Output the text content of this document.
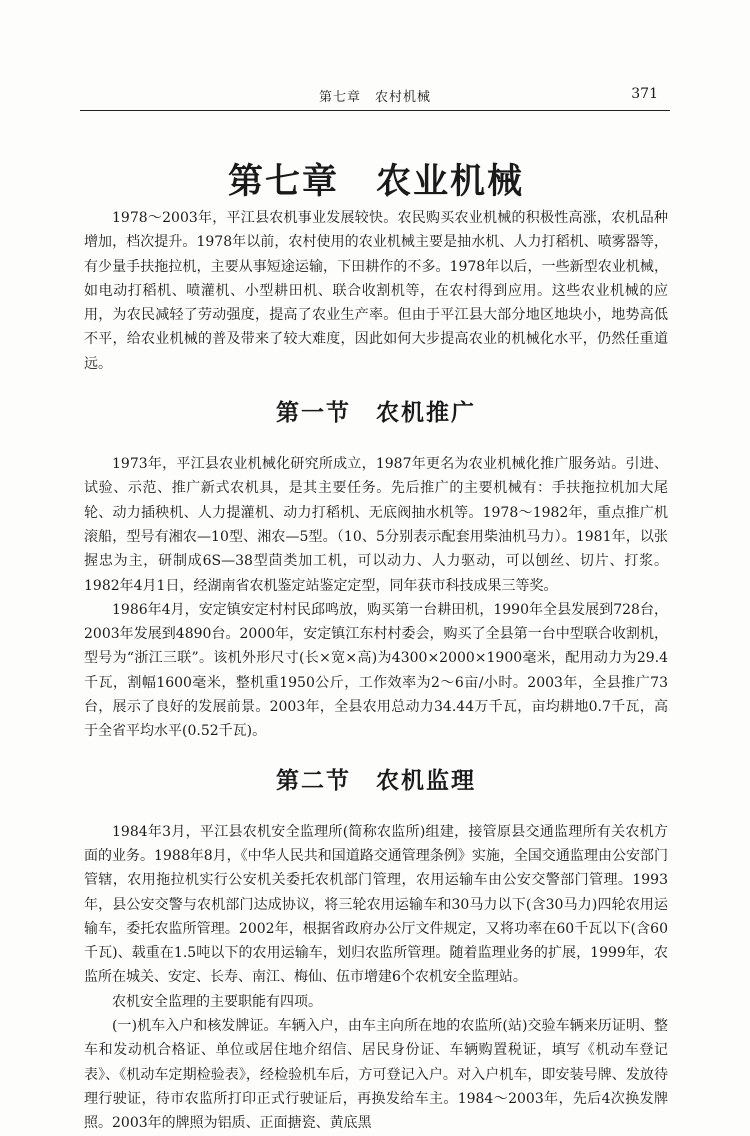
第七章　农村机械	371
第七章　农业机械

1978～2003年，平江县农机事业发展较快。农民购买农业机械的积极性高涨，农机品种增加，档次提升。1978年以前，农村使用的农业机械主要是抽水机、人力打稻机、喷雾器等，有少量手扶拖拉机，主要从事短途运输，下田耕作的不多。1978年以后，一些新型农业机械，如电动打稻机、喷灌机、小型耕田机、联合收割机等，在农村得到应用。这些农业机械的应用，为农民减轻了劳动强度，提高了农业生产率。但由于平江县大部分地区地块小，地势高低不平，给农业机械的普及带来了较大难度，因此如何大步提高农业的机械化水平，仍然任重道远。

第一节　农机推广

1973年，平江县农业机械化研究所成立，1987年更名为农业机械化推广服务站。引进、试验、示范、推广新式农机具，是其主要任务。先后推广的主要机械有：手扶拖拉机加大尾轮、动力插秧机、人力提灌机、动力打稻机、无底阀抽水机等。1978～1982年，重点推广机滚船，型号有湘农—10型、湘农—5型。（10、5分别表示配套用柴油机马力）。1981年，以张握忠为主，研制成6S—38型茴类加工机，可以动力、人力驱动，可以刨丝、切片、打浆。1982年4月1日，经湖南省农机鉴定站鉴定定型，同年获市科技成果三等奖。

1986年4月，安定镇安定村村民邱鸣放，购买第一台耕田机，1990年全县发展到728台，2003年发展到4890台。2000年，安定镇江东村村委会，购买了全县第一台中型联合收割机，型号为“浙江三联”。该机外形尺寸(长×宽×高)为4300×2000×1900毫米，配用动力为29.4千瓦，割幅1600毫米，整机重1950公斤，工作效率为2～6亩/小时。2003年，全县推广73台，展示了良好的发展前景。2003年，全县农用总动力34.44万千瓦，亩均耕地0.7千瓦，高于全省平均水平(0.52千瓦)。

第二节　农机监理

1984年3月，平江县农机安全监理所(简称农监所)组建，接管原县交通监理所有关农机方面的业务。1988年8月，《中华人民共和国道路交通管理条例》实施，全国交通监理由公安部门管辖，农用拖拉机实行公安机关委托农机部门管理，农用运输车由公安交警部门管理。1993年，县公安交警与农机部门达成协议，将三轮农用运输车和30马力以下(含30马力)四轮农用运输车，委托农监所管理。2002年，根据省政府办公厅文件规定，又将功率在60千瓦以下(含60千瓦)、载重在1.5吨以下的农用运输车，划归农监所管理。随着监理业务的扩展，1999年，农监所在城关、安定、长寿、南江、梅仙、伍市增建6个农机安全监理站。

农机安全监理的主要职能有四项。

(一)机车入户和核发牌证。车辆入户，由车主向所在地的农监所(站)交验车辆来历证明、整车和发动机合格证、单位或居住地介绍信、居民身份证、车辆购置税证，填写《机动车登记表》、《机动车定期检验表》，经检验机车后，方可登记入户。对入户机车，即安装号牌、发放待理行驶证，待市农监所打印正式行驶证后，再换发给车主。1984～2003年，先后4次换发牌照。2003年的牌照为铝质、正面搪瓷、黄底黑
